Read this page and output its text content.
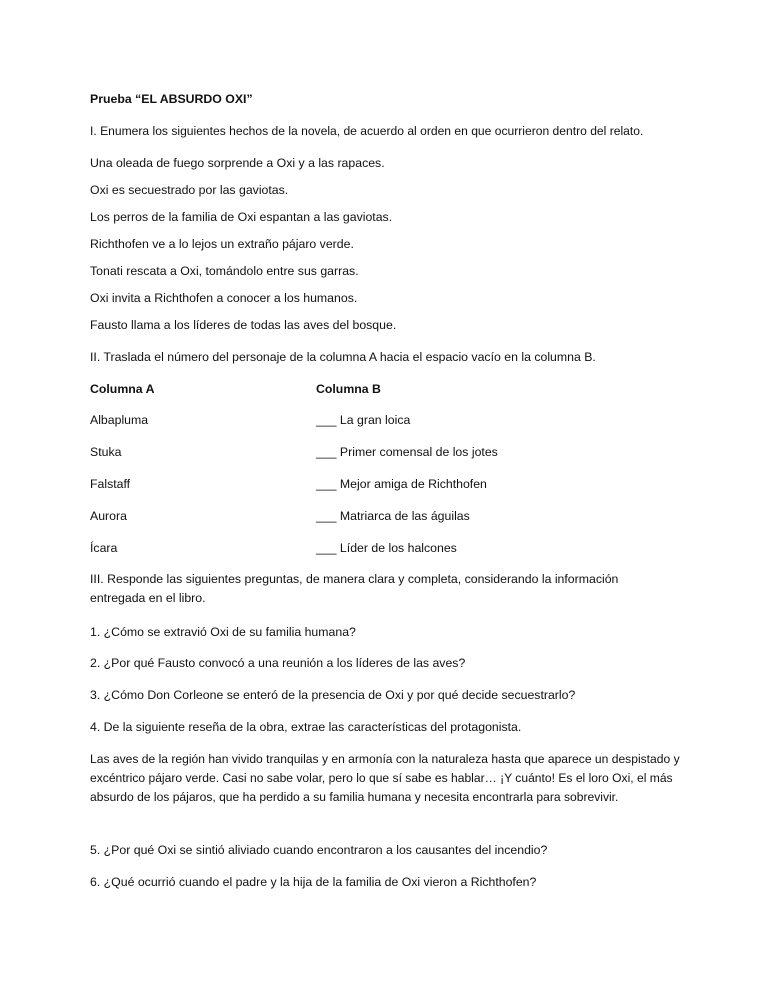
Prueba “EL ABSURDO OXI”

I. Enumera los siguientes hechos de la novela, de acuerdo al orden en que ocurrieron dentro del relato.

Una oleada de fuego sorprende a Oxi y a las rapaces.

Oxi es secuestrado por las gaviotas.

Los perros de la familia de Oxi espantan a las gaviotas.

Richthofen ve a lo lejos un extraño pájaro verde.

Tonati rescata a Oxi, tomándolo entre sus garras.

Oxi invita a Richthofen a conocer a los humanos.

Fausto llama a los líderes de todas las aves del bosque.

II. Traslada el número del personaje de la columna A hacia el espacio vacío en la columna B.

Columna A	Columna B

Albapluma	___ La gran loica

Stuka	___ Primer comensal de los jotes

Falstaff	___ Mejor amiga de Richthofen

Aurora	___ Matriarca de las águilas

Ícara	___ Líder de los halcones

III. Responde las siguientes preguntas, de manera clara y completa, considerando la información entregada en el libro.

1. ¿Cómo se extravió Oxi de su familia humana?

2. ¿Por qué Fausto convocó a una reunión a los líderes de las aves?

3. ¿Cómo Don Corleone se enteró de la presencia de Oxi y por qué decide secuestrarlo?

4. De la siguiente reseña de la obra, extrae las características del protagonista.

Las aves de la región han vivido tranquilas y en armonía con la naturaleza hasta que aparece un despistado y excéntrico pájaro verde. Casi no sabe volar, pero lo que sí sabe es hablar… ¡Y cuánto! Es el loro Oxi, el más absurdo de los pájaros, que ha perdido a su familia humana y necesita encontrarla para sobrevivir.

5. ¿Por qué Oxi se sintió aliviado cuando encontraron a los causantes del incendio?

6. ¿Qué ocurrió cuando el padre y la hija de la familia de Oxi vieron a Richthofen?
